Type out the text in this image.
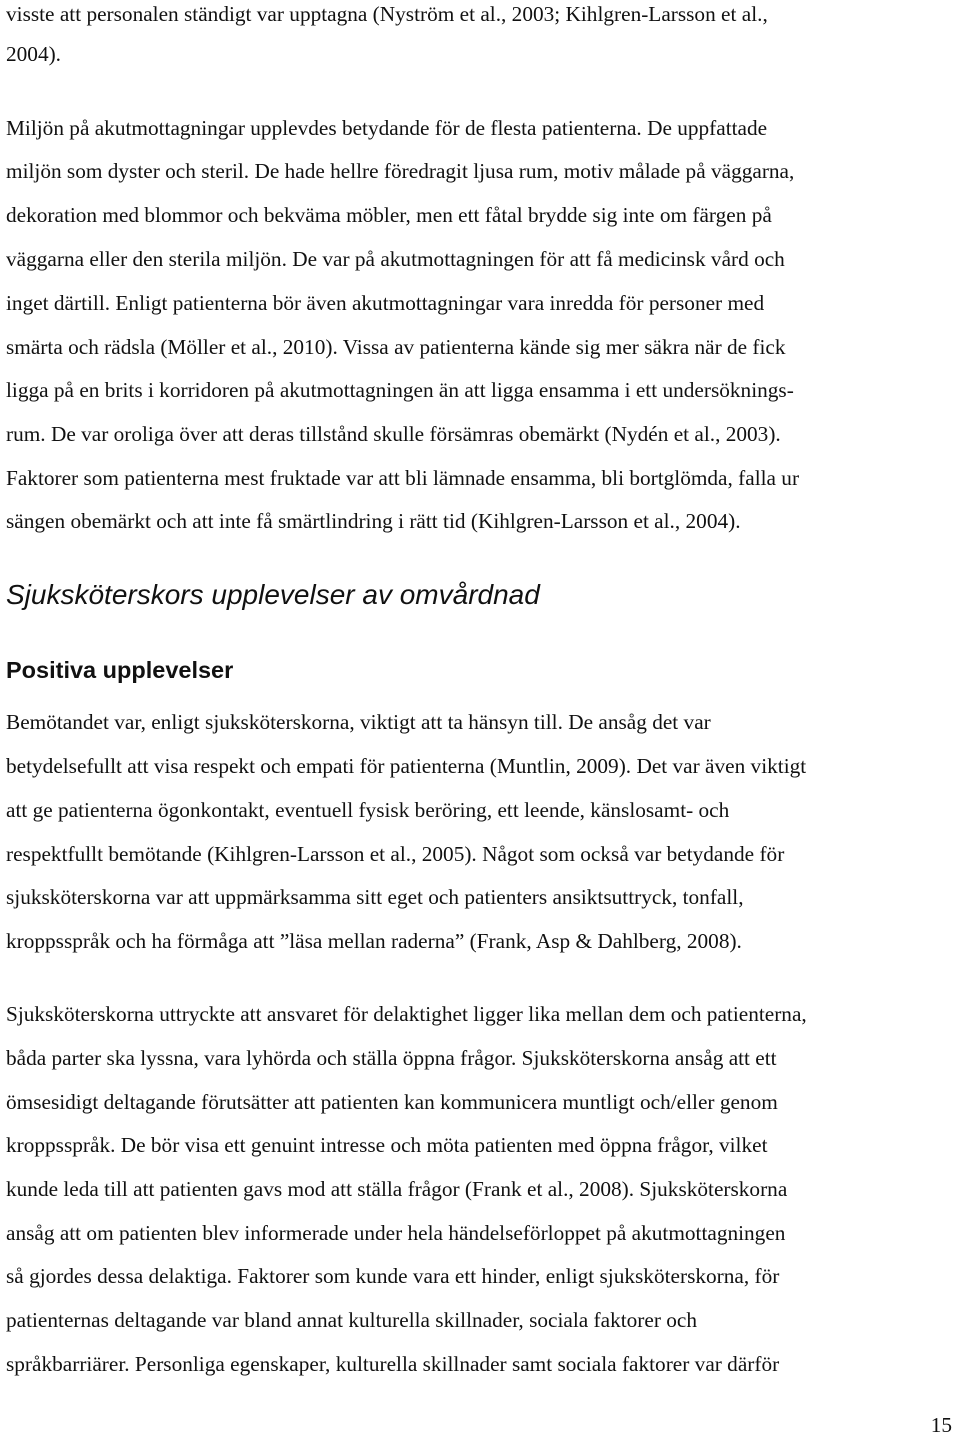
visste att personalen ständigt var upptagna (Nyström et al., 2003; Kihlgren-Larsson et al.,
2004).
Miljön på akutmottagningar upplevdes betydande för de flesta patienterna. De uppfattade
miljön som dyster och steril. De hade hellre föredragit ljusa rum, motiv målade på väggarna,
dekoration med blommor och bekväma möbler, men ett fåtal brydde sig inte om färgen på
väggarna eller den sterila miljön. De var på akutmottagningen för att få medicinsk vård och
inget därtill. Enligt patienterna bör även akutmottagningar vara inredda för personer med
smärta och rädsla (Möller et al., 2010). Vissa av patienterna kände sig mer säkra när de fick
ligga på en brits i korridoren på akutmottagningen än att ligga ensamma i ett undersöknings-
rum. De var oroliga över att deras tillstånd skulle försämras obemärkt (Nydén et al., 2003).
Faktorer som patienterna mest fruktade var att bli lämnade ensamma, bli bortglömda, falla ur
sängen obemärkt och att inte få smärtlindring i rätt tid (Kihlgren-Larsson et al., 2004).
Sjuksköterskors upplevelser av omvårdnad
Positiva upplevelser
Bemötandet var, enligt sjuksköterskorna, viktigt att ta hänsyn till. De ansåg det var
betydelsefullt att visa respekt och empati för patienterna (Muntlin, 2009). Det var även viktigt
att ge patienterna ögonkontakt, eventuell fysisk beröring, ett leende, känslosamt- och
respektfullt bemötande (Kihlgren-Larsson et al., 2005). Något som också var betydande för
sjuksköterskorna var att uppmärksamma sitt eget och patienters ansiktsuttryck, tonfall,
kroppsspråk och ha förmåga att ”läsa mellan raderna” (Frank, Asp & Dahlberg, 2008).
Sjuksköterskorna uttryckte att ansvaret för delaktighet ligger lika mellan dem och patienterna,
båda parter ska lyssna, vara lyhörda och ställa öppna frågor. Sjuksköterskorna ansåg att ett
ömsesidigt deltagande förutsätter att patienten kan kommunicera muntligt och/eller genom
kroppsspråk. De bör visa ett genuint intresse och möta patienten med öppna frågor, vilket
kunde leda till att patienten gavs mod att ställa frågor (Frank et al., 2008). Sjuksköterskorna
ansåg att om patienten blev informerade under hela händelseförloppet på akutmottagningen
så gjordes dessa delaktiga. Faktorer som kunde vara ett hinder, enligt sjuksköterskorna, för
patienternas deltagande var bland annat kulturella skillnader, sociala faktorer och
språkbarriärer. Personliga egenskaper, kulturella skillnader samt sociala faktorer var därför
15
